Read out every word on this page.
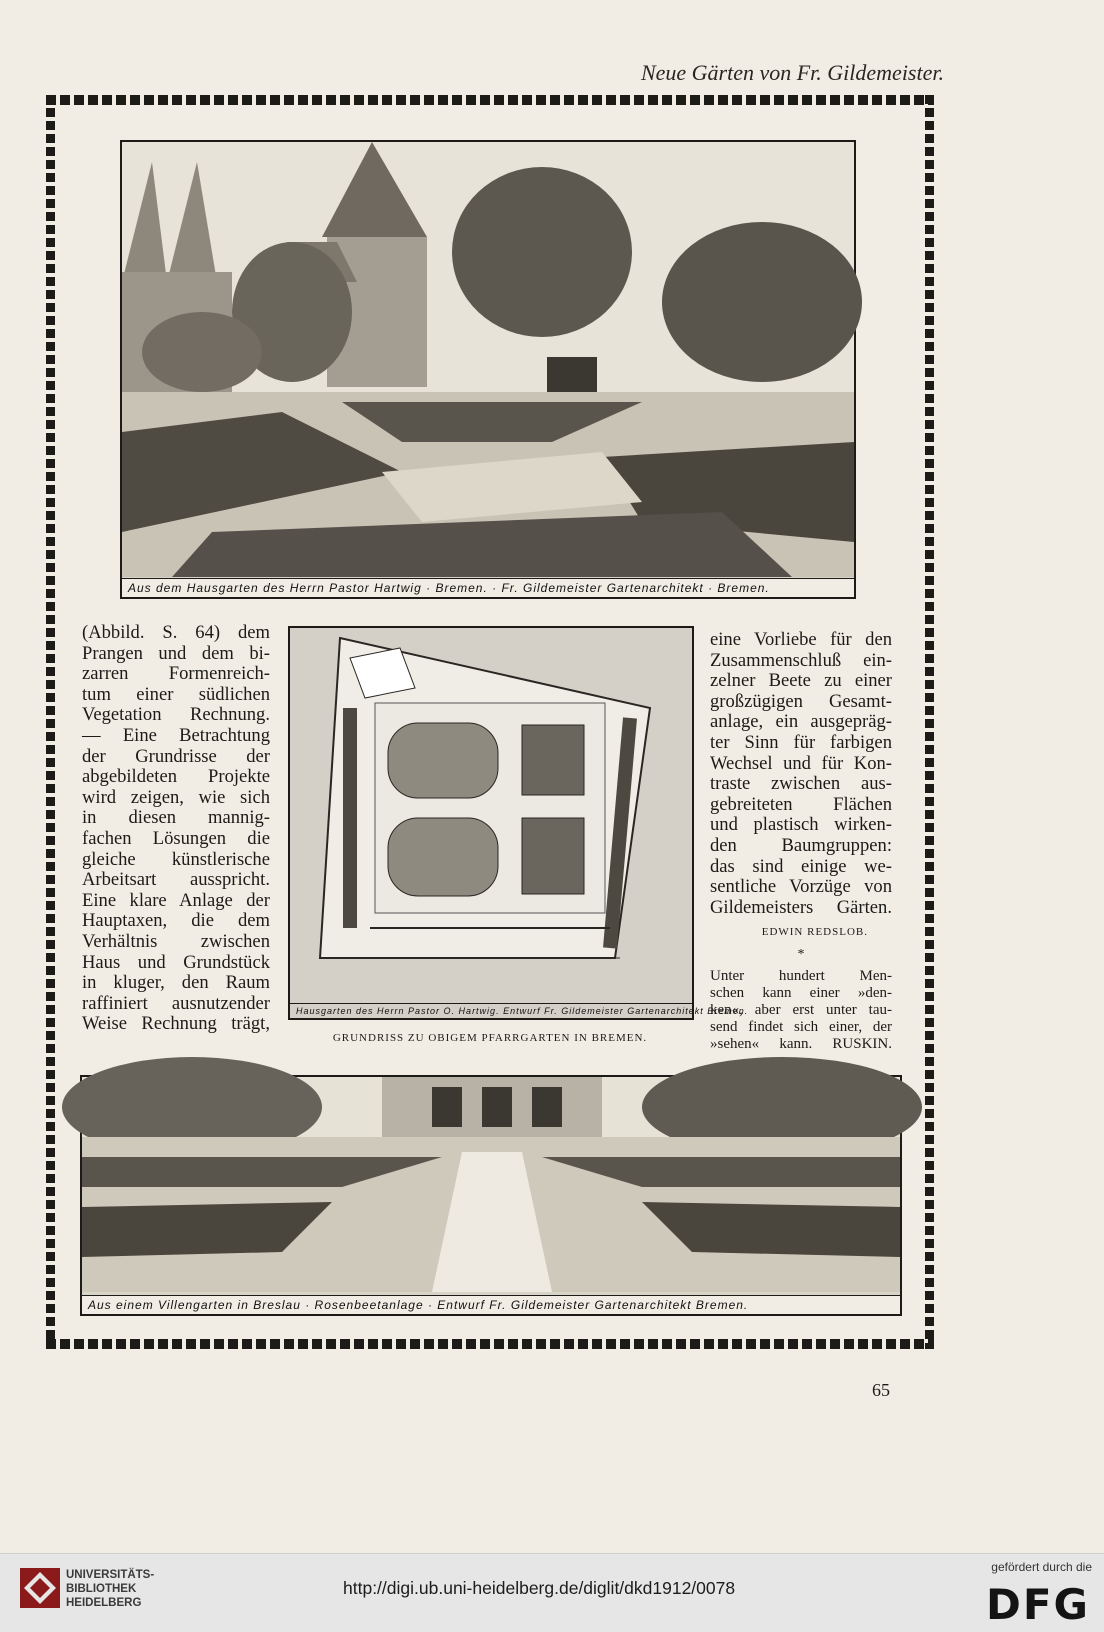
Neue Gärten von Fr. Gildemeister.
Aus dem Hausgarten des Herrn Pastor Hartwig · Bremen. · Fr. Gildemeister Gartenarchitekt · Bremen.
(Abbild. S. 64) dem
Prangen und dem bi-
zarren Formenreich-
tum einer südlichen
Vegetation Rechnung.
— Eine Betrachtung
der Grundrisse der
abgebildeten Projekte
wird zeigen, wie sich
in diesen mannig-
fachen Lösungen die
gleiche künstlerische
Arbeitsart ausspricht.
Eine klare Anlage der
Hauptaxen, die dem
Verhältnis zwischen
Haus und Grundstück
in kluger, den Raum
raffiniert ausnutzender
Weise Rechnung trägt,
Hausgarten des Herrn Pastor O. Hartwig. Entwurf Fr. Gildemeister Gartenarchitekt Bremen.
GRUNDRISS ZU OBIGEM PFARRGARTEN IN BREMEN.
eine Vorliebe für den
Zusammenschluß ein-
zelner Beete zu einer
großzügigen Gesamt-
anlage, ein ausgepräg-
ter Sinn für farbigen
Wechsel und für Kon-
traste zwischen aus-
gebreiteten Flächen
und plastisch wirken-
den Baumgruppen:
das sind einige we-
sentliche Vorzüge von
Gildemeisters Gärten.
EDWIN REDSLOB.
*
Unter hundert Men-
schen kann einer »den-
ken«, aber erst unter tau-
send findet sich einer, der
»sehen« kann. RUSKIN.
Aus einem Villengarten in Breslau · Rosenbeetanlage · Entwurf Fr. Gildemeister Gartenarchitekt Bremen.
65
UNIVERSITÄTS-
BIBLIOTHEK
HEIDELBERG
http://digi.ub.uni-heidelberg.de/diglit/dkd1912/0078
gefördert durch die
DFG
